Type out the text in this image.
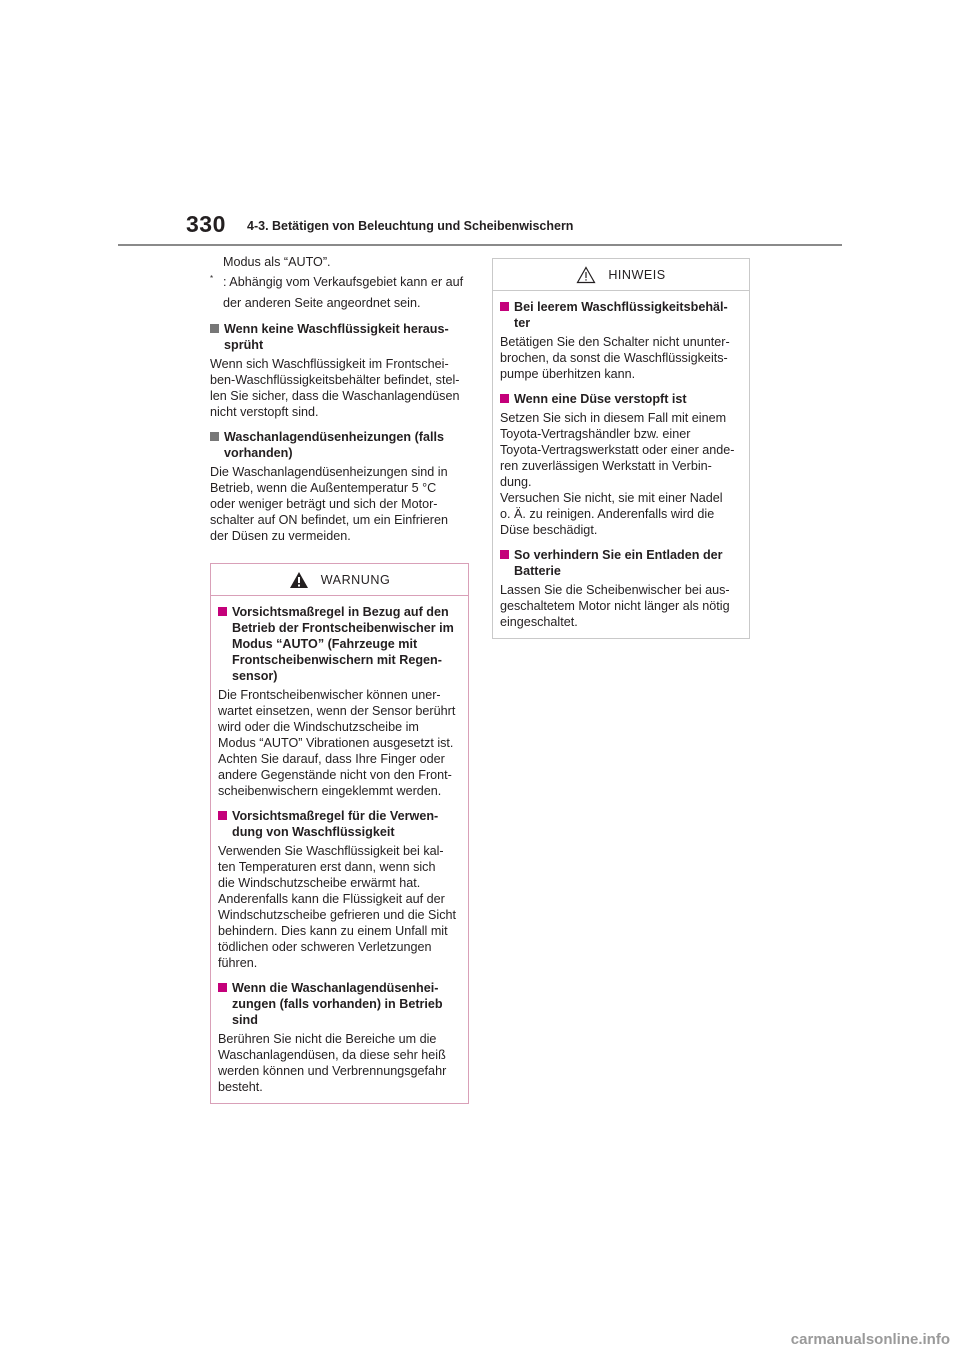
330 4-3. Betätigen von Beleuchtung und Scheibenwischern
Modus als “AUTO”.
* : Abhängig vom Verkaufsgebiet kann er auf
der anderen Seite angeordnet sein.
Wenn keine Waschflüssigkeit heraus-
sprüht
Wenn sich Waschflüssigkeit im Frontschei-
ben-Waschflüssigkeitsbehälter befindet, stel-
len Sie sicher, dass die Waschanlagendüsen
nicht verstopft sind.
Waschanlagendüsenheizungen (falls
vorhanden)
Die Waschanlagendüsenheizungen sind in
Betrieb, wenn die Außentemperatur 5 °C
oder weniger beträgt und sich der Motor-
schalter auf ON befindet, um ein Einfrieren
der Düsen zu vermeiden.
WARNUNG
Vorsichtsmaßregel in Bezug auf den
Betrieb der Frontscheibenwischer im
Modus “AUTO” (Fahrzeuge mit
Frontscheibenwischern mit Regen-
sensor)
Die Frontscheibenwischer können uner-
wartet einsetzen, wenn der Sensor berührt
wird oder die Windschutzscheibe im
Modus “AUTO” Vibrationen ausgesetzt ist.
Achten Sie darauf, dass Ihre Finger oder
andere Gegenstände nicht von den Front-
scheibenwischern eingeklemmt werden.
Vorsichtsmaßregel für die Verwen-
dung von Waschflüssigkeit
Verwenden Sie Waschflüssigkeit bei kal-
ten Temperaturen erst dann, wenn sich
die Windschutzscheibe erwärmt hat.
Anderenfalls kann die Flüssigkeit auf der
Windschutzscheibe gefrieren und die Sicht
behindern. Dies kann zu einem Unfall mit
tödlichen oder schweren Verletzungen
führen.
Wenn die Waschanlagendüsenhei-
zungen (falls vorhanden) in Betrieb
sind
Berühren Sie nicht die Bereiche um die
Waschanlagendüsen, da diese sehr heiß
werden können und Verbrennungsgefahr
besteht.
HINWEIS
Bei leerem Waschflüssigkeitsbehäl-
ter
Betätigen Sie den Schalter nicht ununter-
brochen, da sonst die Waschflüssigkeits-
pumpe überhitzen kann.
Wenn eine Düse verstopft ist
Setzen Sie sich in diesem Fall mit einem
Toyota-Vertragshändler bzw. einer
Toyota-Vertragswerkstatt oder einer ande-
ren zuverlässigen Werkstatt in Verbin-
dung.
Versuchen Sie nicht, sie mit einer Nadel
o. Ä. zu reinigen. Anderenfalls wird die
Düse beschädigt.
So verhindern Sie ein Entladen der
Batterie
Lassen Sie die Scheibenwischer bei aus-
geschaltetem Motor nicht länger als nötig
eingeschaltet.
carmanualsonline.info
